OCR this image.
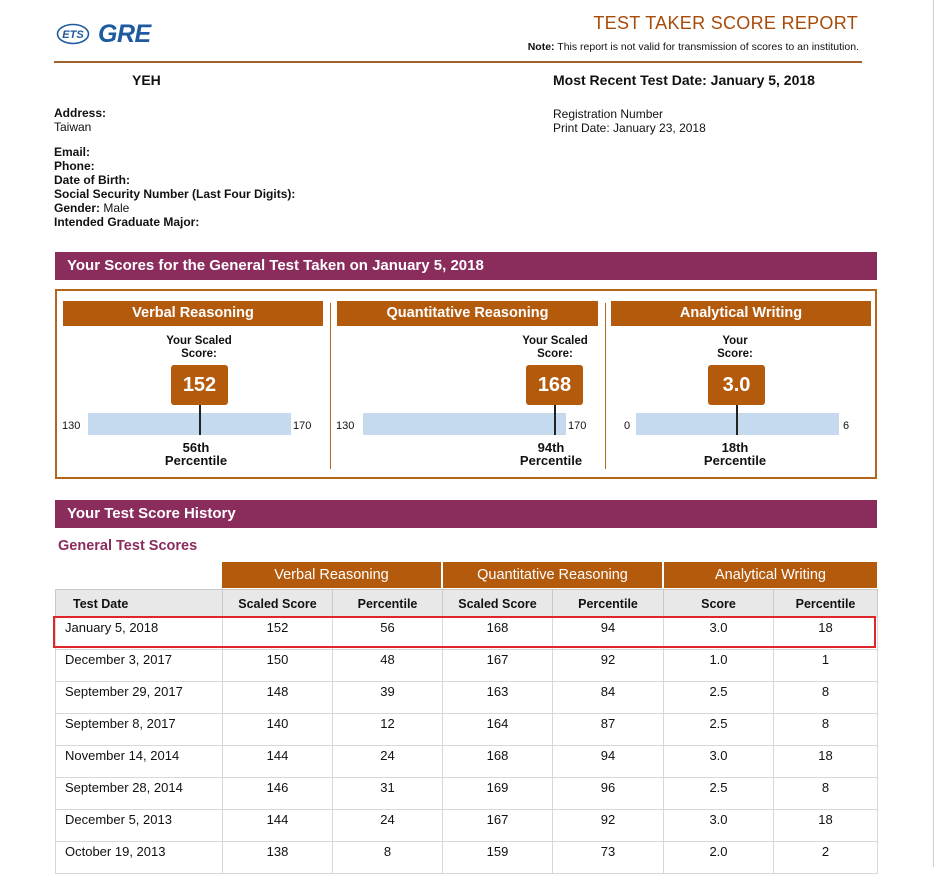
ETS GRE	TEST TAKER SCORE REPORT
Note: This report is not valid for transmission of scores to an institution.
YEH	Most Recent Test Date: January 5, 2018
Address:
Taiwan
Registration Number
Print Date: January 23, 2018
Email:
Phone:
Date of Birth:
Social Security Number (Last Four Digits):
Gender: Male
Intended Graduate Major:
Your Scores for the General Test Taken on January 5, 2018
Verbal Reasoning
Your Scaled
Score:
152
130	170
56th
Percentile
Quantitative Reasoning
Your Scaled
Score:
168
130	170
94th
Percentile
Analytical Writing
Your
Score:
3.0
0	6
18th
Percentile
Your Test Score History
General Test Scores
Verbal Reasoning	Quantitative Reasoning	Analytical Writing
Test Date	Scaled Score	Percentile	Scaled Score	Percentile	Score	Percentile
January 5, 2018	152	56	168	94	3.0	18
December 3, 2017	150	48	167	92	1.0	1
September 29, 2017	148	39	163	84	2.5	8
September 8, 2017	140	12	164	87	2.5	8
November 14, 2014	144	24	168	94	3.0	18
September 28, 2014	146	31	169	96	2.5	8
December 5, 2013	144	24	167	92	3.0	18
October 19, 2013	138	8	159	73	2.0	2
